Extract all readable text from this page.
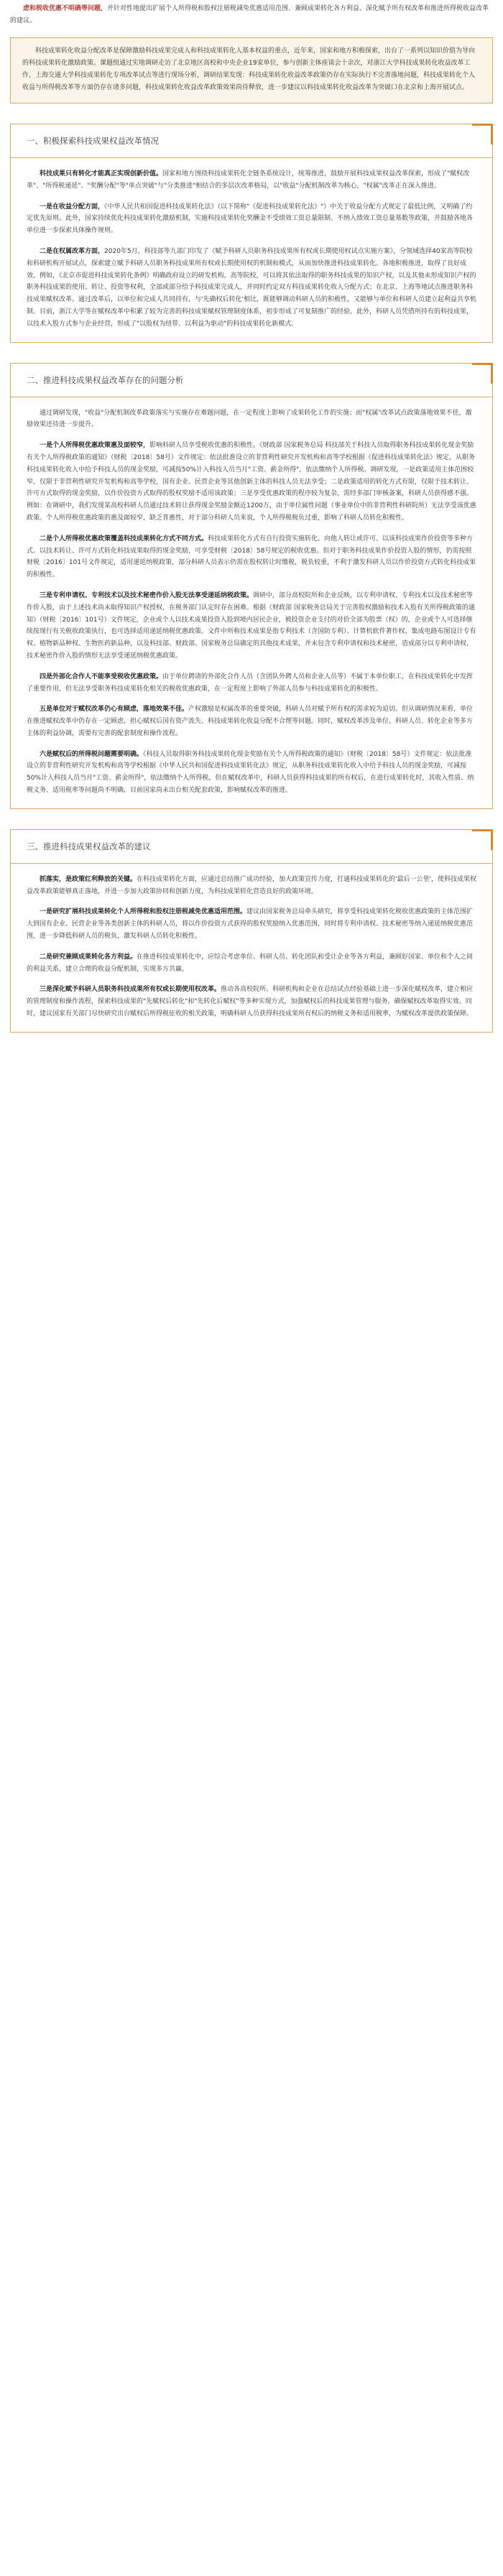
虑和税收优惠不明确等问题，并针对性地提出扩展个人所得税和股权注册税减免优惠适用范围、兼顾成果转化各方利益、深化赋予所有权改革和推进所得税收益改革的建议。

科技成果转化收益分配改革是保障激励科技成果完成人和科技成果转化人基本权益的重点，近年来，国家和地方积极探索，出台了一系列以知识价值为导向的科技成果转化激励政策。课题组通过实地调研走访了北京地区高校和中央企业19家单位，参与创新主体座谈会十余次，对浙江大学科技成果转化收益改革工作，上海交通大学科技成果转化专项改革试点等进行现场分析，调研结果发现：科技成果转化收益改革政策仍存在实际执行不完善落地问题，科技成果转化个人收益与所得税改革等方面仍存在诸多问题，科技成果转化收益改革政策效果尚待释放，进一步建议以科技成果转化收益改革为突破口在北京和上海开展试点。

一、积极探索科技成果权益改革情况

科技成果只有转化才能真正实现创新价值。国家和地方围绕科技成果转化全链条系统设计，统筹推进，鼓励开展科技成果权益改革探索，形成了"赋权改革"、"所得税递延"、"奖酬分配"等"单点突破"与"分类推进"相结合的多层次改革格局，以"收益"分配机制改革为核心，"权属"改革正在深入推进。

一是在收益分配方面，《中华人民共和国促进科技成果转化法》（以下简称"《促进科技成果转化法》"）中关于收益分配方式规定了最低比例，又明确了约定优先原则。此外，国家持续优化科技成果转化激励机制，实施科技成果转化奖酬金不受绩效工资总量限制、不纳入绩效工资总量基数等政策，并鼓励各地各单位进一步探索具体操作规则。

二是在权属改革方面，2020年5月，科技部等九部门印发了《赋予科研人员职务科技成果所有权或长期使用权试点实施方案》，分领域选择40家高等院校和科研机构开展试点，探索建立赋予科研人员职务科技成果所有权或长期使用权的机制和模式，从而加快推进科技成果转化。各地积极推进，取得了良好成效。例如，《北京市促进科技成果转化条例》明确政府设立的研发机构、高等院校，可以将其依法取得的职务科技成果的知识产权，以及其他未形成知识产权的职务科技成果的使用、转让、投资等权利，全部或部分给予科技成果完成人，并同时约定双方科技成果转化收入分配方式；在北京、上海等地试点推进职务科技成果赋权改革。通过改革后，以单位和完成人共同持有，与'先确权后转化'相比，既能够调动科研人员的积极性，又能够与单位和科研人员建立起利益共享机制。目前，浙江大学等在赋权改革中积累了较为完善的科技成果赋权管理制度体系，初步形成了可复制推广的经验。此外，科研人员凭借所持有的科技成果，以技术入股方式参与企业经营，形成了"以股权为纽带、以利益为驱动"的科技成果转化新模式。

二、推进科技成果权益改革存在的问题分析

通过调研发现，"收益"分配机制改革政策落实与实施存在难题问题，在一定程度上影响了成果转化工作的实施；而"权属"改革试点政策落地效果不佳，激励效果还待进一步提升。

一是个人所得税优惠政策惠及面较窄，影响科研人员享受税收优惠的积极性。《财政部 国家税务总局 科技部关于科技人员取得职务科技成果转化现金奖励有关个人所得税政策的通知》（财税〔2018〕58号）文件规定：依法批准设立的非营利性研究开发机构和高等学校根据《促进科技成果转化法》规定，从职务科技成果转化收入中给予科技人员的现金奖励，可减按50%计入科技人员当月"工资、薪金所得"，依法缴纳个人所得税。调研发现，一是政策适用主体范围较窄，仅限于非营利性研究开发机构和高等学校，国有企业、民营企业等其他创新主体的科技人员无法享受；二是政策适用的转化方式有限，仅限于技术转让、许可方式取得的现金奖励，以作价投资方式取得的股权奖励不适用该政策；三是享受优惠政策的程序较为复杂，需经多部门审核备案，科研人员获得感不强。例如：在调研中，我们发现某高校科研人员通过技术转让获得现金奖励金额近1200万，由于单位属性问题（事业单位中的非营利性科研院所）无法享受该优惠政策。个人所得税优惠政策的惠及面较窄，缺乏普惠性，对于部分科研人员来说，个人所得税税负过重，影响了科研人员转化积极性。

二是个人所得税优惠政策覆盖科技成果转化方式不同方式。科技成果转化方式有自行投资实施转化、向他人转让或许可、以该科技成果作价投资等多种方式。以技术转让、许可方式转化科技成果取得的现金奖励，可享受财税〔2018〕58号规定的税收优惠。但对于职务科技成果作价投资入股的情形，仍需按照财税〔2016〕101号文件规定，适用递延纳税政策，部分科研人员表示仍需在股权转让时缴税，税负较重，不利于激发科研人员以作价投资方式转化科技成果的积极性。

三是专利申请权、专利技术以及技术秘密作价入股无法享受递延纳税政策。调研中，部分高校院所和企业反映，以专利申请权、专利技术以及技术秘密等作价入股，由于上述技术尚未取得知识产权授权，在税务部门认定时存在困难。根据《财政部 国家税务总局关于完善股权激励和技术入股有关所得税政策的通知》（财税〔2016〕101号）文件规定，企业或个人以技术成果投资入股到境内居民企业，被投资企业支付的对价全部为股票（权）的，企业或个人可选择继续按现行有关税收政策执行，也可选择适用递延纳税优惠政策。文件中所称技术成果是指专利技术（含国防专利）、计算机软件著作权、集成电路布图设计专有权、植物新品种权、生物医药新品种，以及科技部、财政部、国家税务总局确定的其他技术成果，并未包含专利申请权和技术秘密，造成部分以专利申请权、技术秘密作价入股的情形无法享受递延纳税优惠政策。

四是外部化合作人不能享受税收优惠政策。由于单位聘请的外部化合作人员（含团队外聘人员和企业人员等）不属于本单位职工，在科技成果转化中发挥了重要作用，但无法享受职务科技成果转化相关的税收优惠政策，在一定程度上影响了外部人员参与科技成果转化的积极性。

五是单位对于赋权改革仍心有顾虑，落地效果不佳。产权激励是权属改革的重要突破，科研人员对赋予所有权的需求较为迫切。但从调研情况来看，单位在推进赋权改革中仍存在一定顾虑，担心赋权后国有资产流失、科技成果转化收益分配不合理等问题。同时，赋权改革涉及单位、科研人员、转化企业等多方主体的利益协调，需要有完善的配套制度和操作流程。

六是赋权后的所得税问题需要明确。《科技人员取得职务科技成果转化现金奖励有关个人所得税政策的通知》（财税〔2018〕58号）文件规定：依法批准设立的非营利性研究开发机构和高等学校根据《中华人民共和国促进科技成果转化法》规定，从职务科技成果转化收入中给予科技人员的现金奖励，可减按50%计入科技人员当月"工资、薪金所得"，依法缴纳个人所得税。但在赋权改革中，科研人员获得科技成果的所有权后，在进行成果转化时，其收入性质、纳税义务、适用税率等问题尚不明确，目前国家尚未出台相关配套政策，影响赋权改革的推进。

三、推进科技成果权益改革的建议

抓落实，是政策红利释放的关键。在科技成果转化方面，应通过总结推广成功经验，加大政策宣传力度，打通科技成果转化的'最后一公里'，使科技成果权益改革政策能够真正落地，并进一步加大政策协同和创新力度，为科技成果转化营造良好的政策环境。

一是研究扩展科技成果转化个人所得税和股权注册税减免优惠适用范围。建议由国家税务总局牵头研究，将享受科技成果转化税收优惠政策的主体范围扩大到国有企业、民营企业等各类创新主体的科研人员，将以作价投资方式获得的股权奖励纳入优惠范围，同时将专利申请权、技术秘密等纳入递延纳税优惠范围，进一步降低科研人员的税负，激发科研人员转化积极性。

二是研究兼顾成果转化各方利益。在推进科技成果转化中，应综合考虑单位、科研人员、转化团队和受让企业等各方利益，兼顾好国家、单位和个人之间的利益关系，建立合理的收益分配机制，实现多方共赢。

三是深化赋予科研人员职务科技成果所有权或长期使用权改革。推动各高校院所、科研机构和企业在总结试点经验基础上进一步深化赋权改革，建立相应的管理制度和操作流程，探索科技成果的"先赋权后转化"和"先转化后赋权"等多种实现方式，加强赋权后的科技成果管理与服务，确保赋权改革取得实效。同时，建议国家有关部门尽快研究出台赋权后所得税征收的相关政策，明确科研人员获得科技成果所有权后的纳税义务和适用税率，为赋权改革提供政策保障。
